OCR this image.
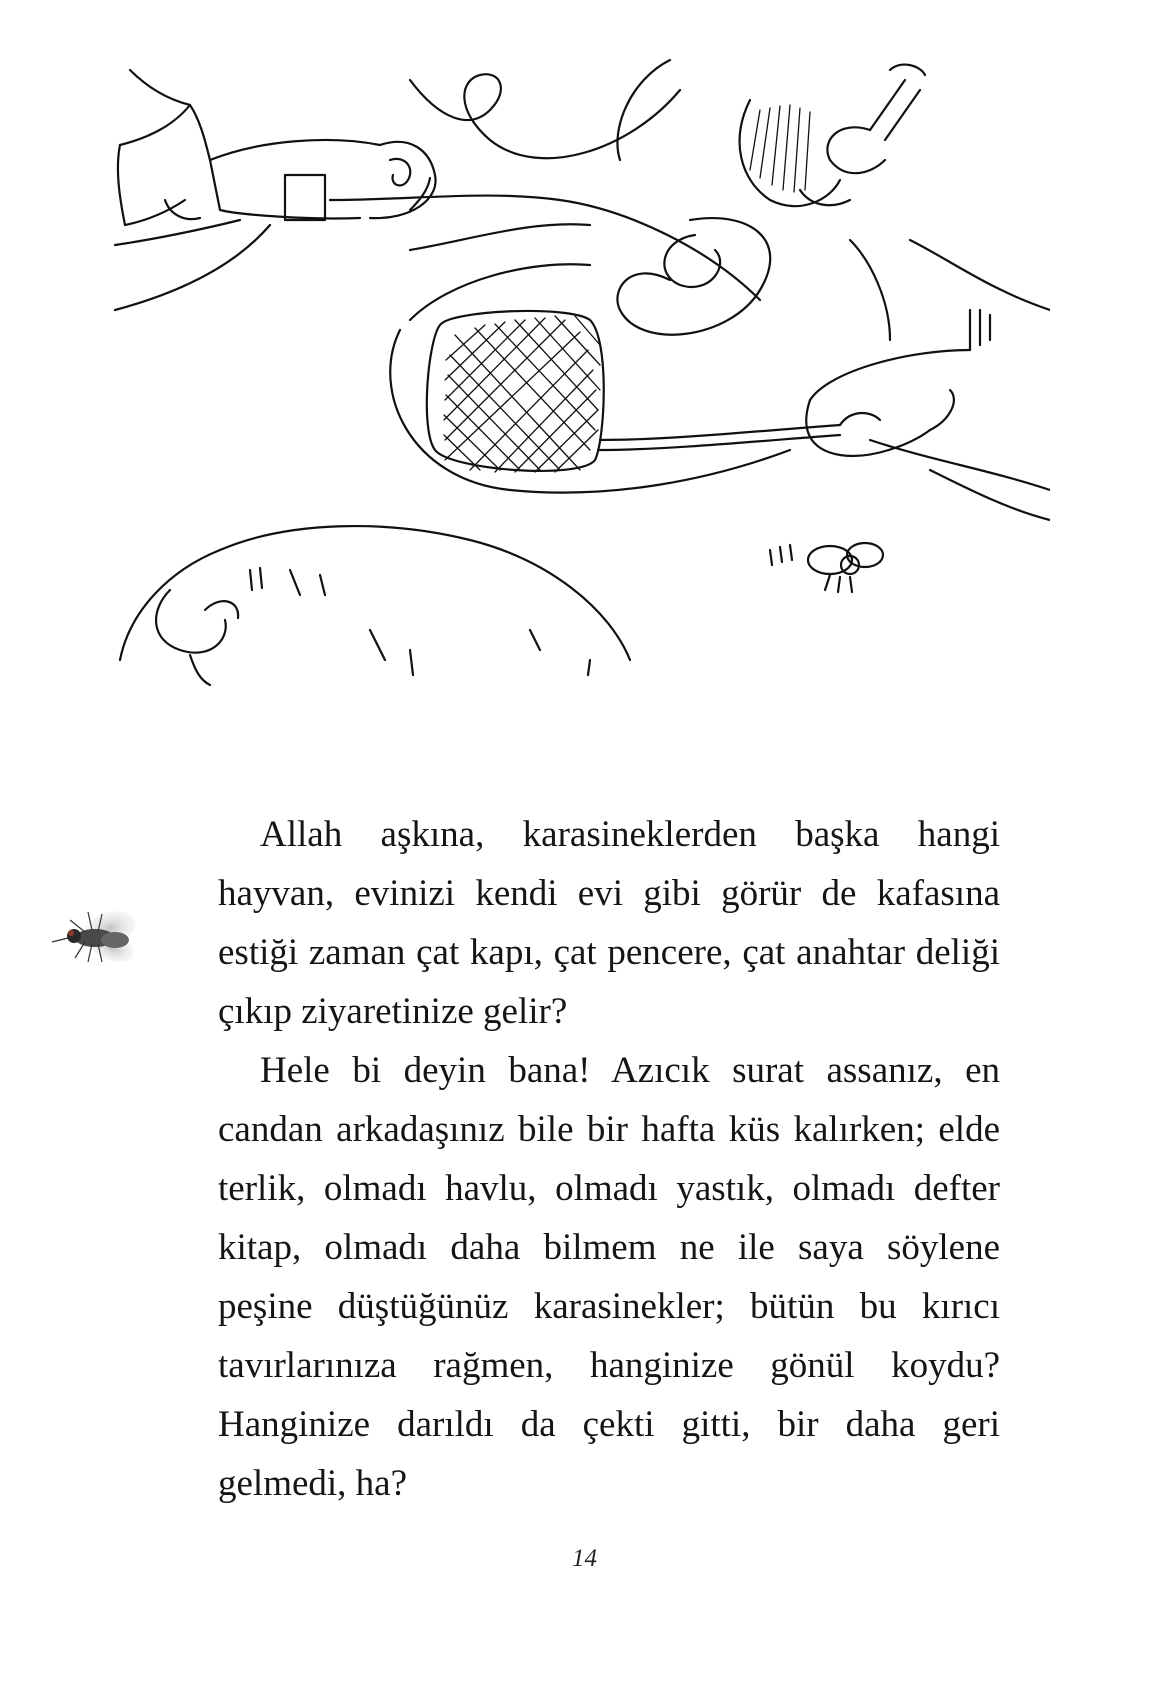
Allah aşkına, karasineklerden başka hangi hayvan, evinizi kendi evi gibi görür de kafasına estiği zaman çat kapı, çat pencere, çat anahtar deliği çıkıp ziyaretinize gelir?

Hele bi deyin bana! Azıcık surat assanız, en candan arkadaşınız bile bir hafta küs kalırken; elde terlik, olmadı havlu, olmadı yastık, olmadı defter kitap, olmadı daha bilmem ne ile saya söylene peşine düştüğünüz karasinekler; bütün bu kırıcı tavırlarınıza rağmen, hanginize gönül koydu? Hanginize darıldı da çekti gitti, bir daha geri gelmedi, ha?

14
